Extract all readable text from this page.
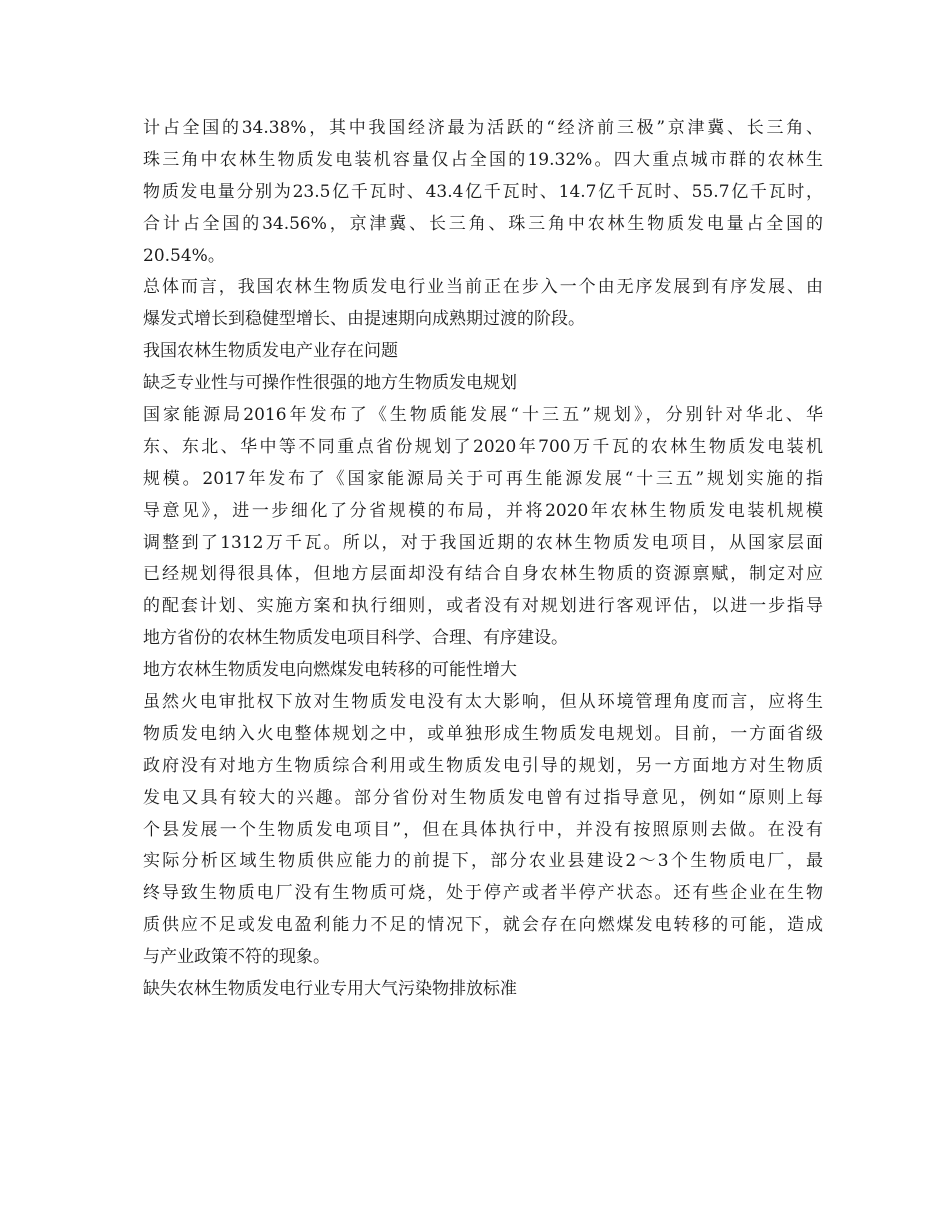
计占全国的34.38%，其中我国经济最为活跃的“经济前三极”京津冀、长三角、
珠三角中农林生物质发电装机容量仅占全国的19.32%。四大重点城市群的农林生
物质发电量分别为23.5亿千瓦时、43.4亿千瓦时、14.7亿千瓦时、55.7亿千瓦时，
合计占全国的34.56%，京津冀、长三角、珠三角中农林生物质发电量占全国的
20.54%。
总体而言，我国农林生物质发电行业当前正在步入一个由无序发展到有序发展、由
爆发式增长到稳健型增长、由提速期向成熟期过渡的阶段。
我国农林生物质发电产业存在问题
缺乏专业性与可操作性很强的地方生物质发电规划
国家能源局2016年发布了《生物质能发展“十三五”规划》，分别针对华北、华
东、东北、华中等不同重点省份规划了2020年700万千瓦的农林生物质发电装机
规模。2017年发布了《国家能源局关于可再生能源发展“十三五”规划实施的指
导意见》，进一步细化了分省规模的布局，并将2020年农林生物质发电装机规模
调整到了1312万千瓦。所以，对于我国近期的农林生物质发电项目，从国家层面
已经规划得很具体，但地方层面却没有结合自身农林生物质的资源禀赋，制定对应
的配套计划、实施方案和执行细则，或者没有对规划进行客观评估，以进一步指导
地方省份的农林生物质发电项目科学、合理、有序建设。
地方农林生物质发电向燃煤发电转移的可能性增大
虽然火电审批权下放对生物质发电没有太大影响，但从环境管理角度而言，应将生
物质发电纳入火电整体规划之中，或单独形成生物质发电规划。目前，一方面省级
政府没有对地方生物质综合利用或生物质发电引导的规划，另一方面地方对生物质
发电又具有较大的兴趣。部分省份对生物质发电曾有过指导意见，例如“原则上每
个县发展一个生物质发电项目”，但在具体执行中，并没有按照原则去做。在没有
实际分析区域生物质供应能力的前提下，部分农业县建设2～3个生物质电厂，最
终导致生物质电厂没有生物质可烧，处于停产或者半停产状态。还有些企业在生物
质供应不足或发电盈利能力不足的情况下，就会存在向燃煤发电转移的可能，造成
与产业政策不符的现象。
缺失农林生物质发电行业专用大气污染物排放标准
